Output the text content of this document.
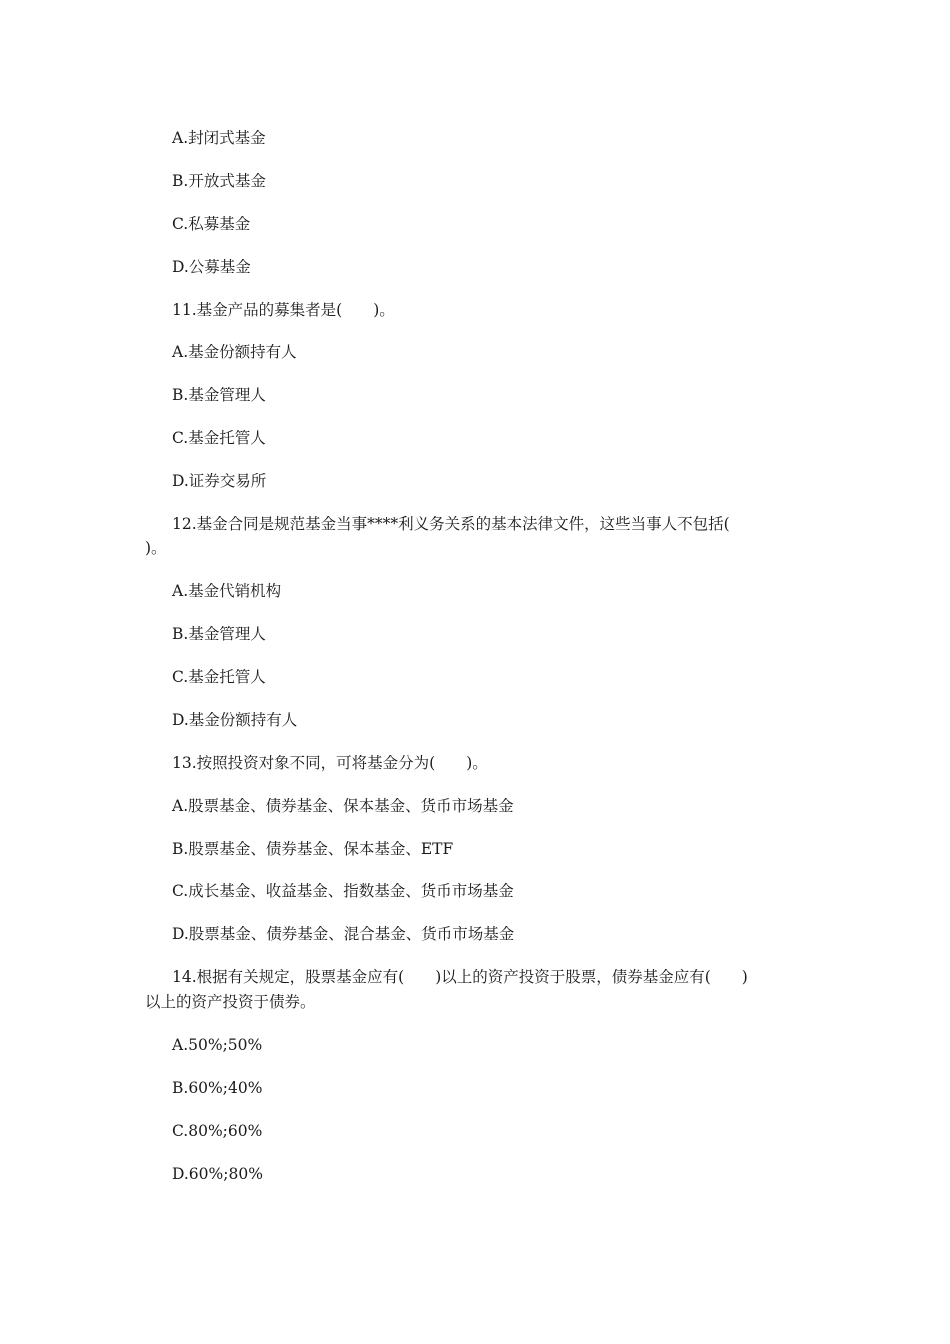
A.封闭式基金
B.开放式基金
C.私募基金
D.公募基金
11.基金产品的募集者是(　　)。
A.基金份额持有人
B.基金管理人
C.基金托管人
D.证券交易所
12.基金合同是规范基金当事****利义务关系的基本法律文件，这些当事人不包括(
)。
A.基金代销机构
B.基金管理人
C.基金托管人
D.基金份额持有人
13.按照投资对象不同，可将基金分为(　　)。
A.股票基金、债券基金、保本基金、货币市场基金
B.股票基金、债券基金、保本基金、ETF
C.成长基金、收益基金、指数基金、货币市场基金
D.股票基金、债券基金、混合基金、货币市场基金
14.根据有关规定，股票基金应有(　　)以上的资产投资于股票，债券基金应有(　　)
以上的资产投资于债券。
A.50%;50%
B.60%;40%
C.80%;60%
D.60%;80%
